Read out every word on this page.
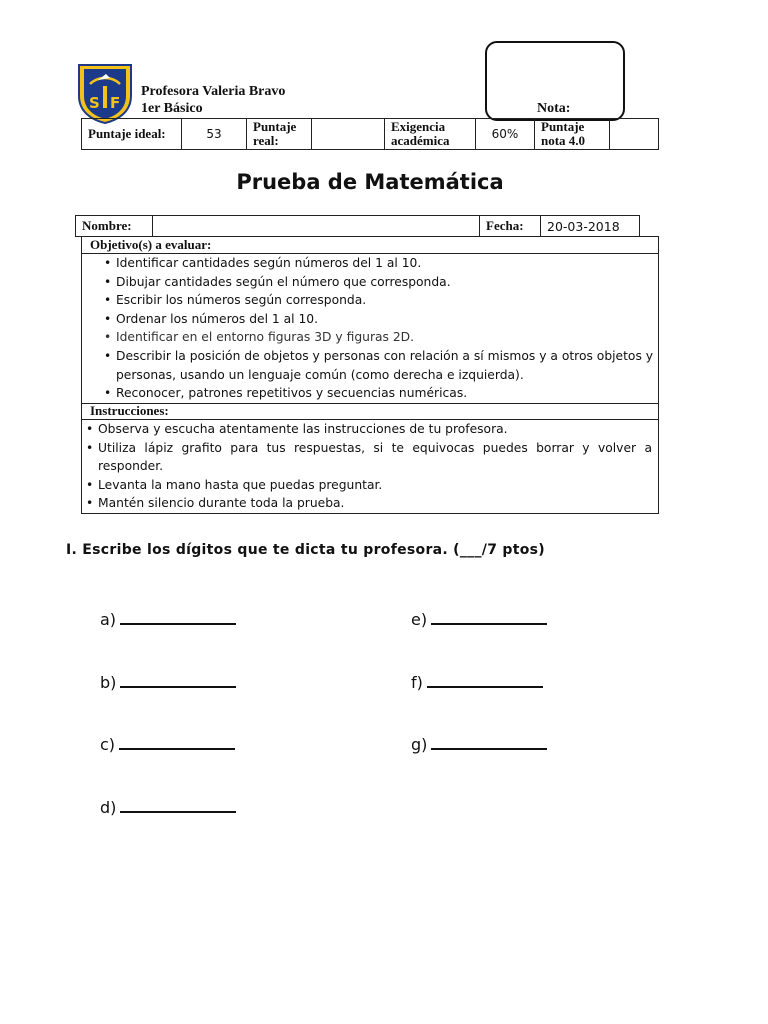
S F
Profesora Valeria Bravo
1er Básico	Nota:
Puntaje ideal:	53	Puntaje real:		Exigencia académica	60%	Puntaje nota 4.0	
Prueba de Matemática
Nombre:		Fecha:	20-03-2018
Objetivo(s) a evaluar:
• Identificar cantidades según números del 1 al 10.
• Dibujar cantidades según el número que corresponda.
• Escribir los números según corresponda.
• Ordenar los números del 1 al 10.
• Identificar en el entorno figuras 3D y figuras 2D.
• Describir la posición de objetos y personas con relación a sí mismos y a otros objetos y personas, usando un lenguaje común (como derecha e izquierda).
• Reconocer, patrones repetitivos y secuencias numéricas.
Instrucciones:
• Observa y escucha atentamente las instrucciones de tu profesora.
• Utiliza lápiz grafito para tus respuestas, si te equivocas puedes borrar y volver a responder.
• Levanta la mano hasta que puedas preguntar.
• Mantén silencio durante toda la prueba.
I. Escribe los dígitos que te dicta tu profesora. (___/7 ptos)
a)
b)
c)
d)
e)
f)
g)
